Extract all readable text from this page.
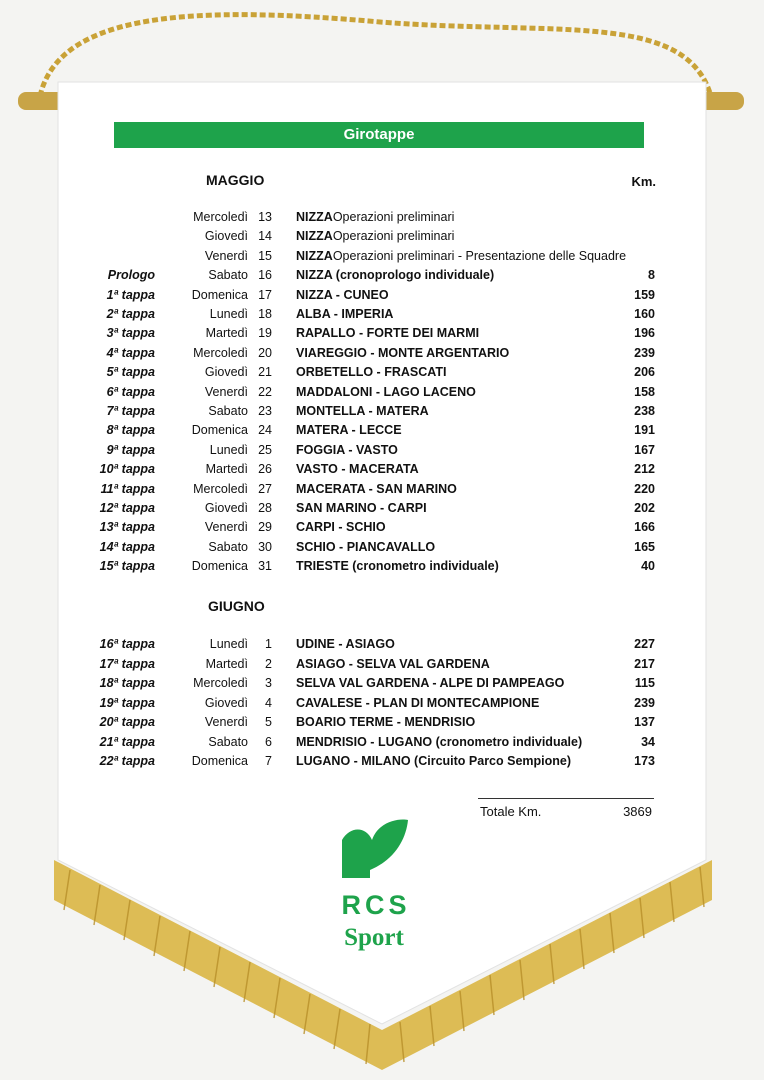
Girotappe
MAGGIO	Km.
Mercoledì 13 NIZZA Operazioni preliminari
Giovedì 14 NIZZA Operazioni preliminari
Venerdì 15 NIZZA Operazioni preliminari - Presentazione delle Squadre
Prologo	Sabato 16 NIZZA (cronoprologo individuale)	8
1ª tappa	Domenica 17 NIZZA - CUNEO	159
2ª tappa	Lunedì 18 ALBA - IMPERIA	160
3ª tappa	Martedì 19 RAPALLO - FORTE DEI MARMI	196
4ª tappa	Mercoledì 20 VIAREGGIO - MONTE ARGENTARIO	239
5ª tappa	Giovedì 21 ORBETELLO - FRASCATI	206
6ª tappa	Venerdì 22 MADDALONI - LAGO LACENO	158
7ª tappa	Sabato 23 MONTELLA - MATERA	238
8ª tappa	Domenica 24 MATERA - LECCE	191
9ª tappa	Lunedì 25 FOGGIA - VASTO	167
10ª tappa	Martedì 26 VASTO - MACERATA	212
11ª tappa	Mercoledì 27 MACERATA - SAN MARINO	220
12ª tappa	Giovedì 28 SAN MARINO - CARPI	202
13ª tappa	Venerdì 29 CARPI - SCHIO	166
14ª tappa	Sabato 30 SCHIO - PIANCAVALLO	165
15ª tappa	Domenica 31 TRIESTE (cronometro individuale)	40
GIUGNO
16ª tappa	Lunedì	1 UDINE - ASIAGO	227
17ª tappa	Martedì	2 ASIAGO - SELVA VAL GARDENA	217
18ª tappa	Mercoledì	3 SELVA VAL GARDENA - ALPE DI PAMPEAGO	115
19ª tappa	Giovedì	4 CAVALESE - PLAN DI MONTECAMPIONE	239
20ª tappa	Venerdì	5 BOARIO TERME - MENDRISIO	137
21ª tappa	Sabato	6 MENDRISIO - LUGANO (cronometro individuale)	34
22ª tappa	Domenica	7 LUGANO - MILANO (Circuito Parco Sempione)	173
Totale Km.	3869
RCS
Sport
